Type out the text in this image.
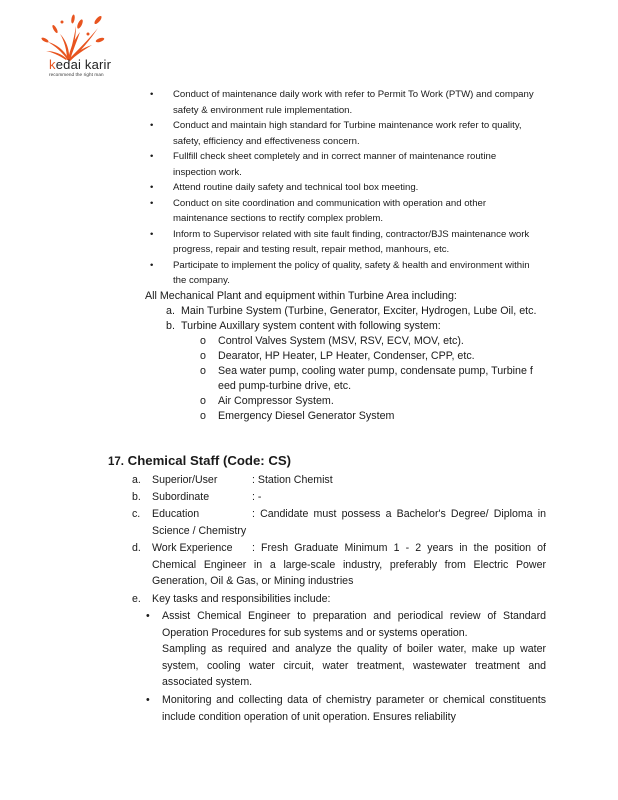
kedai karir
recommend the right man
• Conduct of maintenance daily work with refer to Permit To Work (PTW) and company safety & environment rule implementation.
• Conduct and maintain high standard for Turbine maintenance work refer to quality, safety, efficiency and effectiveness concern.
• Fullfill check sheet completely and in correct manner of maintenance routine inspection work.
• Attend routine daily safety and technical tool box meeting.
• Conduct on site coordination and communication with operation and other maintenance sections to rectify complex problem.
• Inform to Supervisor related with site fault finding, contractor/BJS maintenance work progress, repair and testing result, repair method, manhours, etc.
• Participate to implement the policy of quality, safety & health and environment within the company.
All Mechanical Plant and equipment within Turbine Area including:
a. Main Turbine System (Turbine, Generator, Exciter, Hydrogen, Lube Oil, etc.
b. Turbine Auxillary system content with following system:
o Control Valves System (MSV, RSV, ECV, MOV, etc).
o Dearator, HP Heater, LP Heater, Condenser, CPP, etc.
o Sea water pump, cooling water pump, condensate pump, Turbine f
eed pump-turbine drive, etc.
o Air Compressor System.
o Emergency Diesel Generator System
17. Chemical Staff (Code: CS)
a. Superior/User	: Station Chemist
b. Subordinate	: -
c. Education	: Candidate must possess a Bachelor's Degree/ Diploma in Science / Chemistry
d. Work Experience : Fresh Graduate Minimum 1 - 2 years in the position of Chemical Engineer in a large-scale industry, preferably from Electric Power Generation, Oil & Gas, or Mining industries
e. Key tasks and responsibilities include:
• Assist Chemical Engineer to preparation and periodical review of Standard Operation Procedures for sub systems and or systems operation.
Sampling as required and analyze the quality of boiler water, make up water system, cooling water circuit, water treatment, wastewater treatment and associated system.
• Monitoring and collecting data of chemistry parameter or chemical constituents include condition operation of unit operation. Ensures reliability
